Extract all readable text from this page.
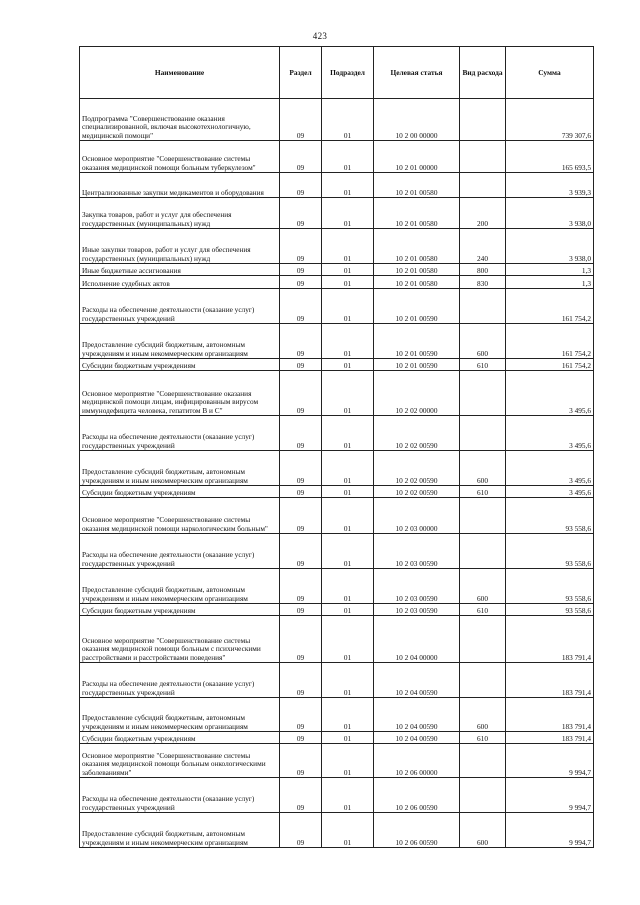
423
Наименование	Раздел	Подраздел	Целевая статья	Вид расхода	Сумма
Подпрограмма "Совершенствование оказания специализированной, включая высокотехнологичную, медицинской помощи"	09	01	10 2 00 00000		739 307,6
Основное мероприятие "Совершенствование системы оказания медицинской помощи больным туберкулезом"	09	01	10 2 01 00000		165 693,5
Централизованные закупки медикаментов и оборудования	09	01	10 2 01 00580		3 939,3
Закупка товаров, работ и услуг для обеспечения государственных (муниципальных) нужд	09	01	10 2 01 00580	200	3 938,0
Иные закупки товаров, работ и услуг для обеспечения государственных (муниципальных) нужд	09	01	10 2 01 00580	240	3 938,0
Иные бюджетные ассигнования	09	01	10 2 01 00580	800	1,3
Исполнение судебных актов	09	01	10 2 01 00580	830	1,3
Расходы на обеспечение деятельности (оказание услуг) государственных учреждений	09	01	10 2 01 00590		161 754,2
Предоставление субсидий бюджетным, автономным учреждениям и иным некоммерческим организациям	09	01	10 2 01 00590	600	161 754,2
Субсидии бюджетным учреждениям	09	01	10 2 01 00590	610	161 754,2
Основное мероприятие "Совершенствование оказания медицинской помощи лицам, инфицированным вирусом иммунодефицита человека, гепатитом В и С"	09	01	10 2 02 00000		3 495,6
Расходы на обеспечение деятельности (оказание услуг) государственных учреждений	09	01	10 2 02 00590		3 495,6
Предоставление субсидий бюджетным, автономным учреждениям и иным некоммерческим организациям	09	01	10 2 02 00590	600	3 495,6
Субсидии бюджетным учреждениям	09	01	10 2 02 00590	610	3 495,6
Основное мероприятие "Совершенствование системы оказания медицинской помощи наркологическим больным"	09	01	10 2 03 00000		93 558,6
Расходы на обеспечение деятельности (оказание услуг) государственных учреждений	09	01	10 2 03 00590		93 558,6
Предоставление субсидий бюджетным, автономным учреждениям и иным некоммерческим организациям	09	01	10 2 03 00590	600	93 558,6
Субсидии бюджетным учреждениям	09	01	10 2 03 00590	610	93 558,6
Основное мероприятие "Совершенствование системы оказания медицинской помощи больным с психическими расстройствами и расстройствами поведения"	09	01	10 2 04 00000		183 791,4
Расходы на обеспечение деятельности (оказание услуг) государственных учреждений	09	01	10 2 04 00590		183 791,4
Предоставление субсидий бюджетным, автономным учреждениям и иным некоммерческим организациям	09	01	10 2 04 00590	600	183 791,4
Субсидии бюджетным учреждениям	09	01	10 2 04 00590	610	183 791,4
Основное мероприятие "Совершенствование системы оказания медицинской помощи больным онкологическими заболеваниями"	09	01	10 2 06 00000		9 994,7
Расходы на обеспечение деятельности (оказание услуг) государственных учреждений	09	01	10 2 06 00590		9 994,7
Предоставление субсидий бюджетным, автономным учреждениям и иным некоммерческим организациям	09	01	10 2 06 00590	600	9 994,7
